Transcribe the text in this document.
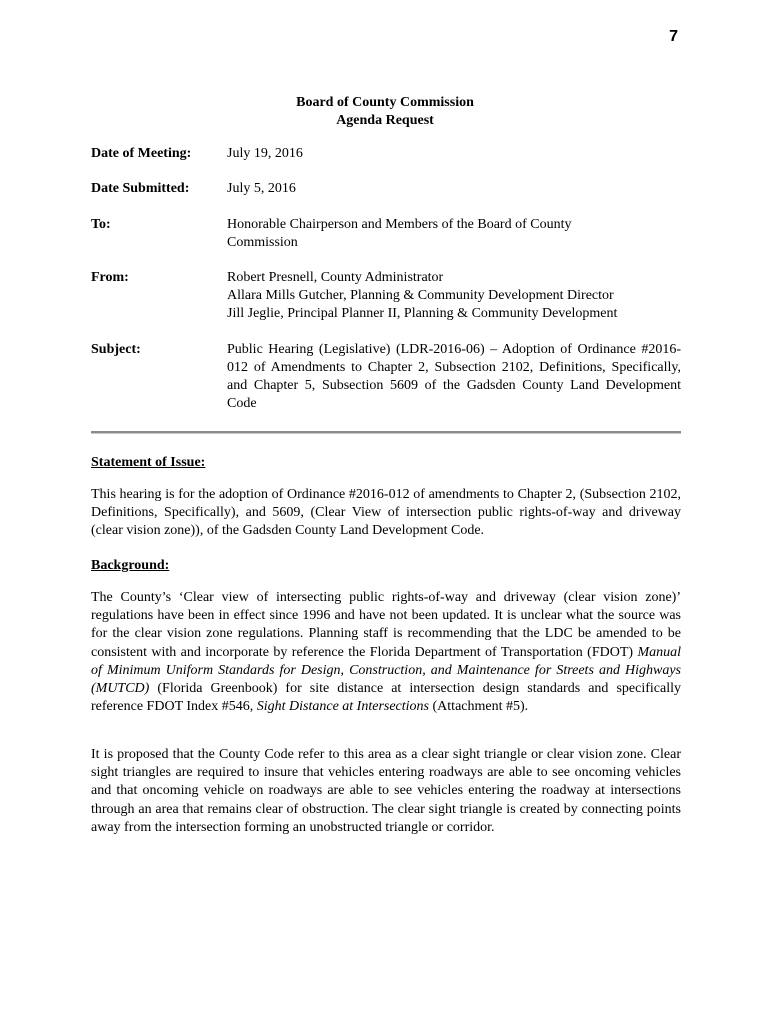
7
Board of County Commission
Agenda Request
Date of Meeting:	July 19, 2016
Date Submitted:	July 5, 2016
To:	Honorable Chairperson and Members of the Board of County Commission
From:	Robert Presnell, County Administrator
Allara Mills Gutcher, Planning & Community Development Director
Jill Jeglie, Principal Planner II, Planning & Community Development
Subject:	Public Hearing (Legislative) (LDR-2016-06) – Adoption of Ordinance #2016-012 of Amendments to Chapter 2, Subsection 2102, Definitions, Specifically, and Chapter 5, Subsection 5609 of the Gadsden County Land Development Code
Statement of Issue:
This hearing is for the adoption of Ordinance #2016-012 of amendments to Chapter 2, (Subsection 2102, Definitions, Specifically), and 5609, (Clear View of intersection public rights-of-way and driveway (clear vision zone)), of the Gadsden County Land Development Code.
Background:
The County’s ‘Clear view of intersecting public rights-of-way and driveway (clear vision zone)’ regulations have been in effect since 1996 and have not been updated. It is unclear what the source was for the clear vision zone regulations. Planning staff is recommending that the LDC be amended to be consistent with and incorporate by reference the Florida Department of Transportation (FDOT) Manual of Minimum Uniform Standards for Design, Construction, and Maintenance for Streets and Highways (MUTCD) (Florida Greenbook) for site distance at intersection design standards and specifically reference FDOT Index #546, Sight Distance at Intersections (Attachment #5).
It is proposed that the County Code refer to this area as a clear sight triangle or clear vision zone. Clear sight triangles are required to insure that vehicles entering roadways are able to see oncoming vehicles and that oncoming vehicle on roadways are able to see vehicles entering the roadway at intersections through an area that remains clear of obstruction. The clear sight triangle is created by connecting points away from the intersection forming an unobstructed triangle or corridor.
